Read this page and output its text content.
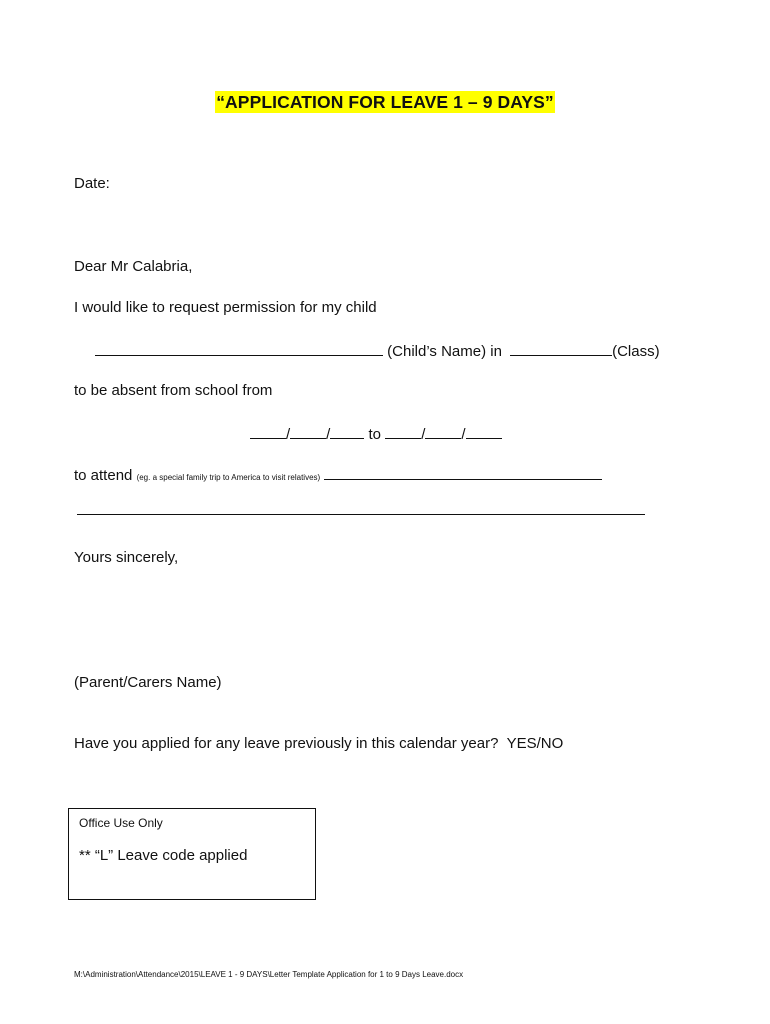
“APPLICATION FOR LEAVE 1 – 9 DAYS”
Date:
Dear Mr Calabria,
I would like to request permission for my child
(Child’s Name) in	(Class)
to be absent from school from
/ /	to	/ /
to attend (eg. a special family trip to America to visit relatives)
Yours sincerely,
(Parent/Carers Name)
Have you applied for any leave previously in this calendar year? YES/NO
Office Use Only
** “L” Leave code applied
M:\Administration\Attendance\2015\LEAVE 1 - 9 DAYS\Letter Template Application for 1 to 9 Days Leave.docx
